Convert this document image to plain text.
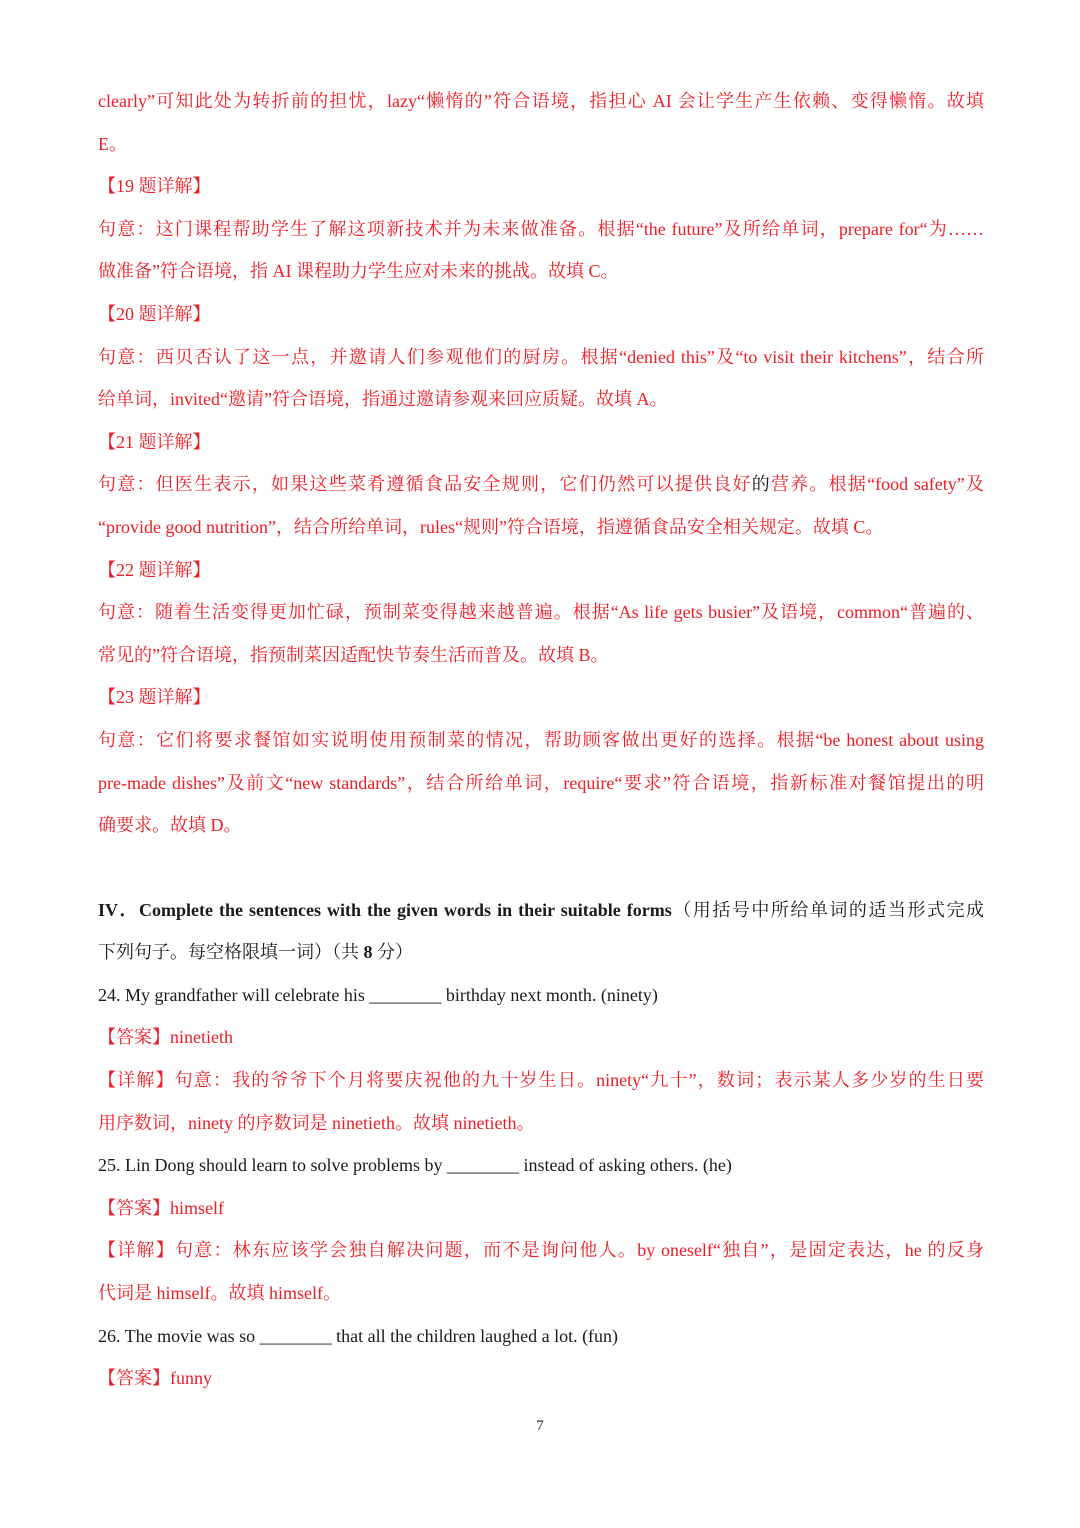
clearly”可知此处为转折前的担忧，lazy“懒惰的”符合语境，指担心 AI 会让学生产生依赖、变得懒惰。故填
E。
【19 题详解】
句意：这门课程帮助学生了解这项新技术并为未来做准备。根据“the future”及所给单词，prepare for“为……
做准备”符合语境，指 AI 课程助力学生应对未来的挑战。故填 C。
【20 题详解】
句意：西贝否认了这一点，并邀请人们参观他们的厨房。根据“denied this”及“to visit their kitchens”，结合所
给单词，invited“邀请”符合语境，指通过邀请参观来回应质疑。故填 A。
【21 题详解】
句意：但医生表示，如果这些菜肴遵循食品安全规则，它们仍然可以提供良好的营养。根据“food safety”及
“provide good nutrition”，结合所给单词，rules“规则”符合语境，指遵循食品安全相关规定。故填 C。
【22 题详解】
句意：随着生活变得更加忙碌，预制菜变得越来越普遍。根据“As life gets busier”及语境，common“普遍的、
常见的”符合语境，指预制菜因适配快节奏生活而普及。故填 B。
【23 题详解】
句意：它们将要求餐馆如实说明使用预制菜的情况，帮助顾客做出更好的选择。根据“be honest about using
pre-made dishes”及前文“new standards”，结合所给单词，require“要求”符合语境，指新标准对餐馆提出的明
确要求。故填 D。
IV．Complete the sentences with the given words in their suitable forms（用括号中所给单词的适当形式完成
下列句子。每空格限填一词）（共 8 分）
24. My grandfather will celebrate his ________ birthday next month. (ninety)
【答案】ninetieth
【详解】句意：我的爷爷下个月将要庆祝他的九十岁生日。ninety“九十”，数词；表示某人多少岁的生日要
用序数词，ninety 的序数词是 ninetieth。故填 ninetieth。
25. Lin Dong should learn to solve problems by ________ instead of asking others. (he)
【答案】himself
【详解】句意：林东应该学会独自解决问题，而不是询问他人。by oneself“独自”，是固定表达，he 的反身
代词是 himself。故填 himself。
26. The movie was so ________ that all the children laughed a lot. (fun)
【答案】funny
7
